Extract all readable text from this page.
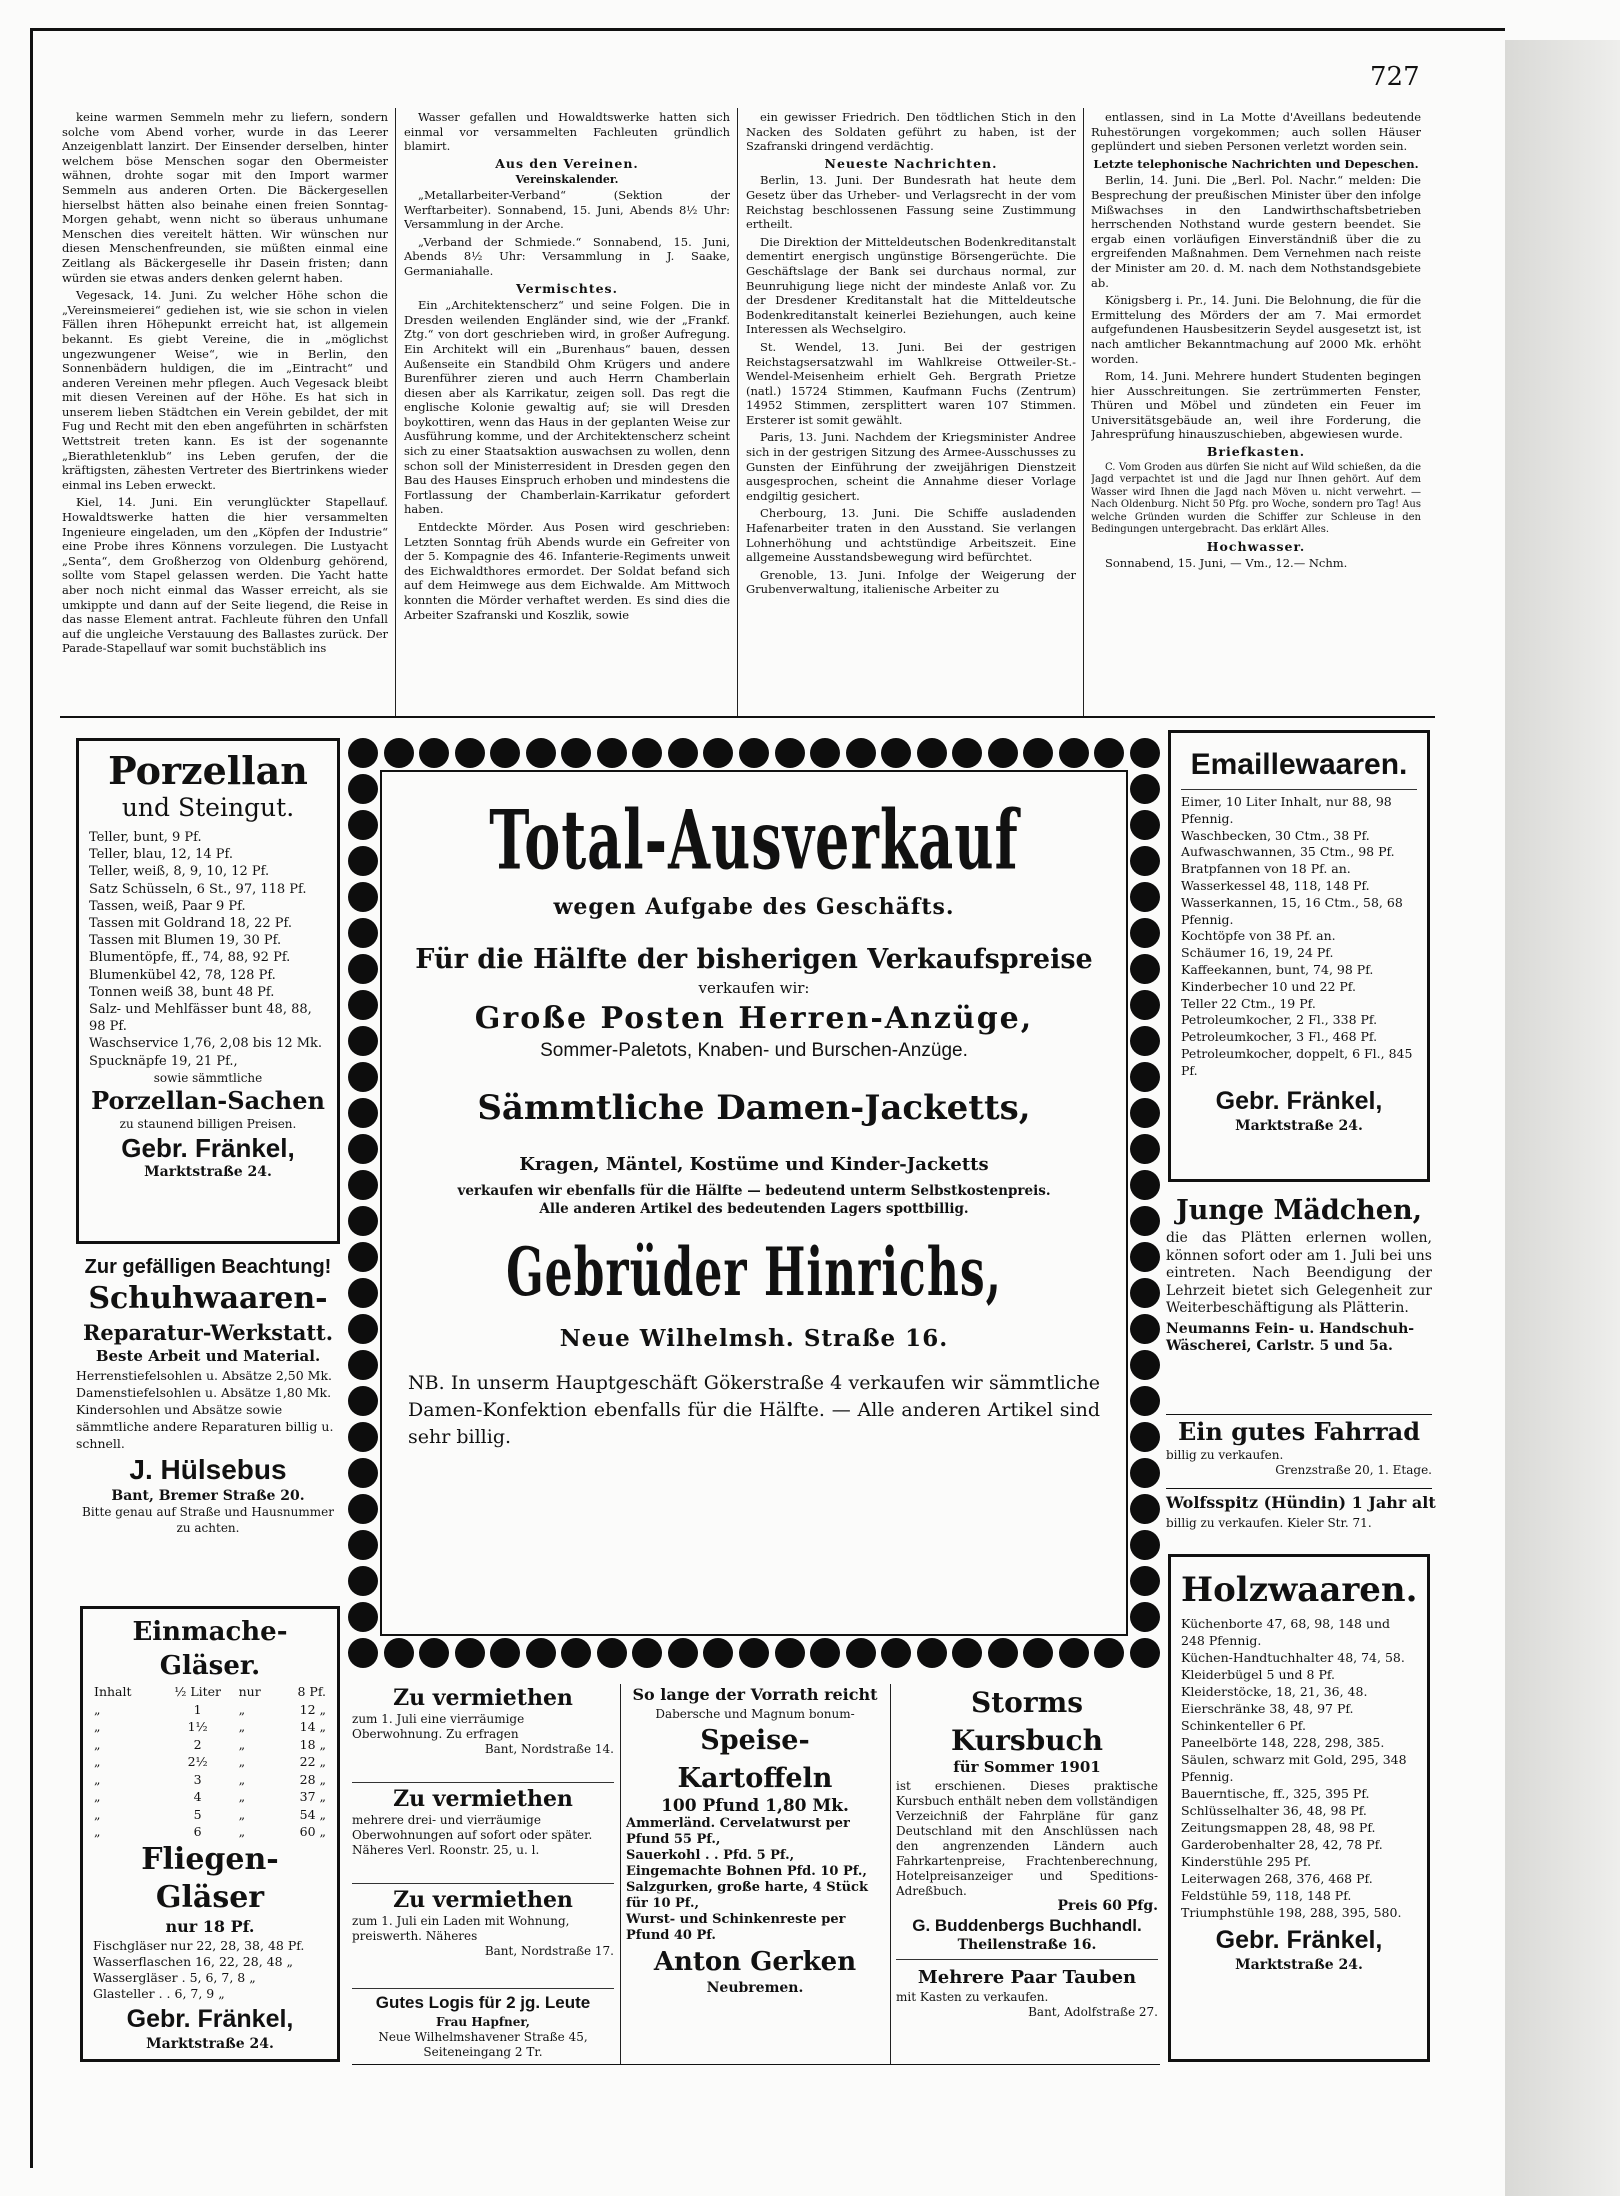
727

keine warmen Semmeln mehr zu liefern, sondern solche vom Abend vorher, wurde in das Leerer Anzeigenblatt lanzirt. Der Einsender derselben, hinter welchem böse Menschen sogar den Obermeister wähnen, drohte sogar mit den Import warmer Semmeln aus anderen Orten. Die Bäckergesellen hierselbst hätten also beinahe einen freien Sonntag-Morgen gehabt, wenn nicht so überaus unhumane Menschen dies vereitelt hätten. Wir wünschen nur diesen Menschenfreunden, sie müßten einmal eine Zeitlang als Bäckergeselle ihr Dasein fristen; dann würden sie etwas anders denken gelernt haben.

Vegesack, 14. Juni. Zu welcher Höhe schon die „Vereinsmeierei“ gediehen ist, wie sie schon in vielen Fällen ihren Höhepunkt erreicht hat, ist allgemein bekannt. Es giebt Vereine, die in „möglichst ungezwungener Weise“, wie in Berlin, den Sonnenbädern huldigen, die im „Eintracht“ und anderen Vereinen mehr pflegen. Auch Vegesack bleibt mit diesen Vereinen auf der Höhe. Es hat sich in unserem lieben Städtchen ein Verein gebildet, der mit Fug und Recht mit den eben angeführten in schärfsten Wettstreit treten kann. Es ist der sogenannte „Bierathletenklub“ ins Leben gerufen, der die kräftigsten, zähesten Vertreter des Biertrinkens wieder einmal ins Leben erweckt.

Kiel, 14. Juni. Ein verunglückter Stapellauf. Howaldtswerke hatten die hier versammelten Ingenieure eingeladen, um den „Köpfen der Industrie“ eine Probe ihres Könnens vorzulegen. Die Lustyacht „Senta“, dem Großherzog von Oldenburg gehörend, sollte vom Stapel gelassen werden. Die Yacht hatte aber noch nicht einmal das Wasser erreicht, als sie umkippte und dann auf der Seite liegend, die Reise in das nasse Element antrat. Fachleute führen den Unfall auf die ungleiche Verstauung des Ballastes zurück. Der Parade-Stapellauf war somit buchstäblich ins

Wasser gefallen und Howaldtswerke hatten sich einmal vor versammelten Fachleuten gründlich blamirt.

Aus den Vereinen.
Vereinskalender.

„Metallarbeiter-Verband“ (Sektion der Werftarbeiter). Sonnabend, 15. Juni, Abends 8½ Uhr: Versammlung in der Arche.

„Verband der Schmiede.“ Sonnabend, 15. Juni, Abends 8½ Uhr: Versammlung in J. Saake, Germaniahalle.

Vermischtes.

Ein „Architektenscherz“ und seine Folgen. Die in Dresden weilenden Engländer sind, wie der „Frankf. Ztg.“ von dort geschrieben wird, in großer Aufregung. Ein Architekt will ein „Burenhaus“ bauen, dessen Außenseite ein Standbild Ohm Krügers und andere Burenführer zieren und auch Herrn Chamberlain diesen aber als Karrikatur, zeigen soll. Das regt die englische Kolonie gewaltig auf; sie will Dresden boykottiren, wenn das Haus in der geplanten Weise zur Ausführung komme, und der Architektenscherz scheint sich zu einer Staatsaktion auswachsen zu wollen, denn schon soll der Ministerresident in Dresden gegen den Bau des Hauses Einspruch erhoben und mindestens die Fortlassung der Chamberlain-Karrikatur gefordert haben.

Entdeckte Mörder. Aus Posen wird geschrieben: Letzten Sonntag früh Abends wurde ein Gefreiter von der 5. Kompagnie des 46. Infanterie-Regiments unweit des Eichwaldthores ermordet. Der Soldat befand sich auf dem Heimwege aus dem Eichwalde. Am Mittwoch konnten die Mörder verhaftet werden. Es sind dies die Arbeiter Szafranski und Koszlik, sowie

ein gewisser Friedrich. Den tödtlichen Stich in den Nacken des Soldaten geführt zu haben, ist der Szafranski dringend verdächtig.

Neueste Nachrichten.

Berlin, 13. Juni. Der Bundesrath hat heute dem Gesetz über das Urheber- und Verlagsrecht in der vom Reichstag beschlossenen Fassung seine Zustimmung ertheilt.

Die Direktion der Mitteldeutschen Bodenkreditanstalt dementirt energisch ungünstige Börsengerüchte. Die Geschäftslage der Bank sei durchaus normal, zur Beunruhigung liege nicht der mindeste Anlaß vor. Zu der Dresdener Kreditanstalt hat die Mitteldeutsche Bodenkreditanstalt keinerlei Beziehungen, auch keine Interessen als Wechselgiro.

St. Wendel, 13. Juni. Bei der gestrigen Reichstagsersatzwahl im Wahlkreise Ottweiler-St.-Wendel-Meisenheim erhielt Geh. Bergrath Prietze (natl.) 15724 Stimmen, Kaufmann Fuchs (Zentrum) 14952 Stimmen, zersplittert waren 107 Stimmen. Ersterer ist somit gewählt.

Paris, 13. Juni. Nachdem der Kriegsminister Andree sich in der gestrigen Sitzung des Armee-Ausschusses zu Gunsten der Einführung der zweijährigen Dienstzeit ausgesprochen, scheint die Annahme dieser Vorlage endgiltig gesichert.

Cherbourg, 13. Juni. Die Schiffe ausladenden Hafenarbeiter traten in den Ausstand. Sie verlangen Lohnerhöhung und achtstündige Arbeitszeit. Eine allgemeine Ausstandsbewegung wird befürchtet.

Grenoble, 13. Juni. Infolge der Weigerung der Grubenverwaltung, italienische Arbeiter zu

entlassen, sind in La Motte d'Aveillans bedeutende Ruhestörungen vorgekommen; auch sollen Häuser geplündert und sieben Personen verletzt worden sein.

Letzte telephonische Nachrichten und Depeschen.

Berlin, 14. Juni. Die „Berl. Pol. Nachr.“ melden: Die Besprechung der preußischen Minister über den infolge Mißwachses in den Landwirthschaftsbetrieben herrschenden Nothstand wurde gestern beendet. Sie ergab einen vorläufigen Einverständniß über die zu ergreifenden Maßnahmen. Dem Vernehmen nach reiste der Minister am 20. d. M. nach dem Nothstandsgebiete ab.

Königsberg i. Pr., 14. Juni. Die Belohnung, die für die Ermittelung des Mörders der am 7. Mai ermordet aufgefundenen Hausbesitzerin Seydel ausgesetzt ist, ist nach amtlicher Bekanntmachung auf 2000 Mk. erhöht worden.

Rom, 14. Juni. Mehrere hundert Studenten begingen hier Ausschreitungen. Sie zertrümmerten Fenster, Thüren und Möbel und zündeten ein Feuer im Universitätsgebäude an, weil ihre Forderung, die Jahresprüfung hinauszuschieben, abgewiesen wurde.

Briefkasten.

C. Vom Groden aus dürfen Sie nicht auf Wild schießen, da die Jagd verpachtet ist und die Jagd nur Ihnen gehört. Auf dem Wasser wird Ihnen die Jagd nach Möven u. nicht verwehrt. — Nach Oldenburg. Nicht 50 Pfg. pro Woche, sondern pro Tag! Aus welche Gründen wurden die Schiffer zur Schleuse in den Bedingungen untergebracht. Das erklärt Alles.

Hochwasser.

Sonnabend, 15. Juni, — Vm., 12.— Nchm.

Porzellan
und Steingut.
Teller, bunt, 9 Pf.
Teller, blau, 12, 14 Pf.
Teller, weiß, 8, 9, 10, 12 Pf.
Satz Schüsseln, 6 St., 97, 118 Pf.
Tassen, weiß, Paar 9 Pf.
Tassen mit Goldrand 18, 22 Pf.
Tassen mit Blumen 19, 30 Pf.
Blumentöpfe, ff., 74, 88, 92 Pf.
Blumenkübel 42, 78, 128 Pf.
Tonnen weiß 38, bunt 48 Pf.
Salz- und Mehlfässer bunt 48, 88, 98 Pf.
Waschservice 1,76, 2,08 bis 12 Mk.
Spucknäpfe 19, 21 Pf.,
sowie sämmtliche
Porzellan-Sachen
zu staunend billigen Preisen.
Gebr. Fränkel,
Marktstraße 24.
Zur gefälligen Beachtung!
Schuhwaaren-
Reparatur-Werkstatt.
Beste Arbeit und Material.
Herrenstiefelsohlen u. Absätze 2,50 Mk.
Damenstiefelsohlen u. Absätze 1,80 Mk.
Kindersohlen und Absätze sowie sämmtliche andere Reparaturen billig u. schnell.
J. Hülsebus
Bant, Bremer Straße 20.
Bitte genau auf Straße und Hausnummer zu achten.
Einmache-Gläser.
Inhalt	½ Liter	nur	8 Pf.
„	1	„	12 „
„	1½	„	14 „
„	2	„	18 „
„	2½	„	22 „
„	3	„	28 „
„	4	„	37 „
„	5	„	54 „
„	6	„	60 „
Fliegen-Gläser
nur 18 Pf.
Fischgläser nur 22, 28, 38, 48 Pf.
Wasserflaschen 16, 22, 28, 48 „
Wassergläser . 5, 6, 7, 8 „
Glasteller . . 6, 7, 9 „
Gebr. Fränkel,
Marktstraße 24.
Total-Ausverkauf
wegen Aufgabe des Geschäfts.
Für die Hälfte der bisherigen Verkaufspreise
verkaufen wir:
Große Posten Herren-Anzüge,
Sommer-Paletots, Knaben- und Burschen-Anzüge.
Sämmtliche Damen-Jacketts,
Kragen, Mäntel, Kostüme und Kinder-Jacketts
verkaufen wir ebenfalls für die Hälfte — bedeutend unterm Selbstkostenpreis.
Alle anderen Artikel des bedeutenden Lagers spottbillig.
Gebrüder Hinrichs,
Neue Wilhelmsh. Straße 16.
NB. In unserm Hauptgeschäft Gökerstraße 4 verkaufen wir sämmtliche Damen-Konfektion ebenfalls für die Hälfte. — Alle anderen Artikel sind sehr billig.
Zu vermiethen
zum 1. Juli eine vierräumige Oberwohnung. Zu erfragen
Bant, Nordstraße 14.
Zu vermiethen
mehrere drei- und vierräumige Oberwohnungen auf sofort oder später. Näheres Verl. Roonstr. 25, u. l.
Zu vermiethen
zum 1. Juli ein Laden mit Wohnung, preiswerth. Näheres
Bant, Nordstraße 17.
Gutes Logis für 2 jg. Leute
Frau Hapfner,
Neue Wilhelmshavener Straße 45,
Seiteneingang 2 Tr.
So lange der Vorrath reicht
Dabersche und Magnum bonum-
Speise-Kartoffeln
100 Pfund 1,80 Mk.
Ammerländ. Cervelatwurst per Pfund 55 Pf.,
Sauerkohl . . Pfd. 5 Pf.,
Eingemachte Bohnen Pfd. 10 Pf.,
Salzgurken, große harte, 4 Stück für 10 Pf.,
Wurst- und Schinkenreste per Pfund 40 Pf.
Anton Gerken
Neubremen.
Storms Kursbuch
für Sommer 1901
ist erschienen. Dieses praktische Kursbuch enthält neben dem vollständigen Verzeichniß der Fahrpläne für ganz Deutschland mit den Anschlüssen nach den angrenzenden Ländern auch Fahrkartenpreise, Frachtenberechnung, Hotelpreisanzeiger und Speditions-Adreßbuch.
Preis 60 Pfg.
G. Buddenbergs Buchhandl.
Theilenstraße 16.
Mehrere Paar Tauben
mit Kasten zu verkaufen.
Bant, Adolfstraße 27.
Emaillewaaren.
Eimer, 10 Liter Inhalt, nur 88, 98 Pfennig.
Waschbecken, 30 Ctm., 38 Pf.
Aufwaschwannen, 35 Ctm., 98 Pf.
Bratpfannen von 18 Pf. an.
Wasserkessel 48, 118, 148 Pf.
Wasserkannen, 15, 16 Ctm., 58, 68 Pfennig.
Kochtöpfe von 38 Pf. an.
Schäumer 16, 19, 24 Pf.
Kaffeekannen, bunt, 74, 98 Pf.
Kinderbecher 10 und 22 Pf.
Teller 22 Ctm., 19 Pf.
Petroleumkocher, 2 Fl., 338 Pf.
Petroleumkocher, 3 Fl., 468 Pf.
Petroleumkocher, doppelt, 6 Fl., 845 Pf.
Gebr. Fränkel,
Marktstraße 24.
Junge Mädchen,
die das Plätten erlernen wollen, können sofort oder am 1. Juli bei uns eintreten. Nach Beendigung der Lehrzeit bietet sich Gelegenheit zur Weiterbeschäftigung als Plätterin.
Neumanns Fein- u. Handschuh-Wäscherei, Carlstr. 5 und 5a.
Ein gutes Fahrrad
billig zu verkaufen.
Grenzstraße 20, 1. Etage.
Wolfsspitz (Hündin) 1 Jahr alt
billig zu verkaufen. Kieler Str. 71.
Holzwaaren.
Küchenborte 47, 68, 98, 148 und 248 Pfennig.
Küchen-Handtuchhalter 48, 74, 58.
Kleiderbügel 5 und 8 Pf.
Kleiderstöcke, 18, 21, 36, 48.
Eierschränke 38, 48, 97 Pf.
Schinkenteller 6 Pf.
Paneelbörte 148, 228, 298, 385.
Säulen, schwarz mit Gold, 295, 348 Pfennig.
Bauerntische, ff., 325, 395 Pf.
Schlüsselhalter 36, 48, 98 Pf.
Zeitungsmappen 28, 48, 98 Pf.
Garderobenhalter 28, 42, 78 Pf.
Kinderstühle 295 Pf.
Leiterwagen 268, 376, 468 Pf.
Feldstühle 59, 118, 148 Pf.
Triumphstühle 198, 288, 395, 580.
Gebr. Fränkel,
Marktstraße 24.
